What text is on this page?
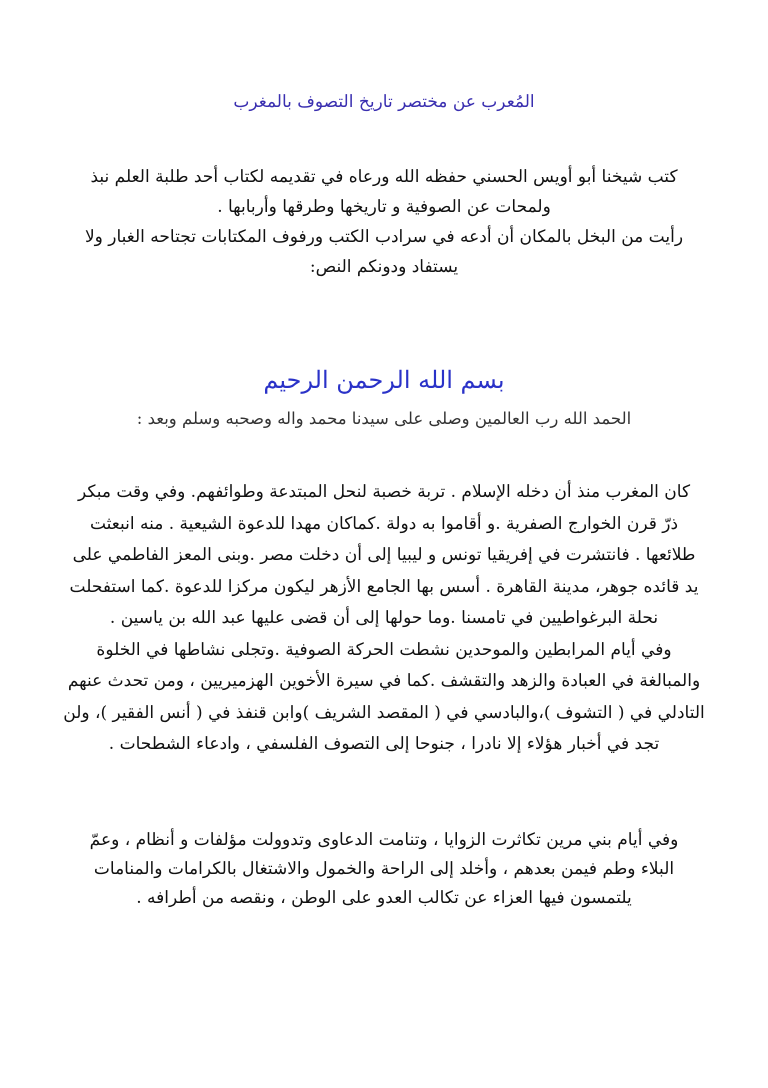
المُعرب عن مختصر تاريخ التصوف بالمغرب
كتب شيخنا أبو أويس الحسني حفظه الله ورعاه في تقديمه لكتاب أحد طلبة العلم نبذ
ولمحات عن الصوفية و تاريخها وطرقها وأربابها .
رأيت من البخل بالمكان أن أدعه في سرادب الكتب ورفوف المكتابات تجتاحه الغبار ولا
يستفاد ودونكم النص:
بسم الله الرحمن الرحيم
الحمد الله رب العالمين وصلى على سيدنا محمد واله وصحبه وسلم وبعد :
كان المغرب منذ أن دخله الإسلام . تربة خصبة لنحل المبتدعة وطوائفهم. وفي وقت مبكر
ذرّ قرن الخوارج الصفرية .و أقاموا به دولة .كماكان مهدا للدعوة الشيعية . منه انبعثت
طلائعها . فانتشرت في إفريقيا تونس و ليبيا إلى أن دخلت مصر .وبنى المعز الفاطمي على
يد قائده جوهر، مدينة القاهرة . أسس بها الجامع الأزهر ليكون مركزا للدعوة .كما استفحلت
نحلة البرغواطيين في تامسنا .وما حولها إلى أن قضى عليها عبد الله بن ياسين .
وفي أيام المرابطين والموحدين نشطت الحركة الصوفية .وتجلى نشاطها في الخلوة
والمبالغة في العبادة والزهد والتقشف .كما في سيرة الأخوين الهزميريين ، ومن تحدث عنهم
التادلي في ( التشوف )،والبادسي في ( المقصد الشريف )وابن قنفذ في ( أنس الفقير )، ولن
تجد في أخبار هؤلاء إلا نادرا ، جنوحا إلى التصوف الفلسفي ، وادعاء الشطحات .
وفي أيام بني مرين تكاثرت الزوايا ، وتنامت الدعاوى وتدوولت مؤلفات و أنظام ، وعمّ
البلاء وطم فيمن بعدهم ، وأخلد إلى الراحة والخمول والاشتغال بالكرامات والمنامات
يلتمسون فيها العزاء عن تكالب العدو على الوطن ، ونقصه من أطرافه .
